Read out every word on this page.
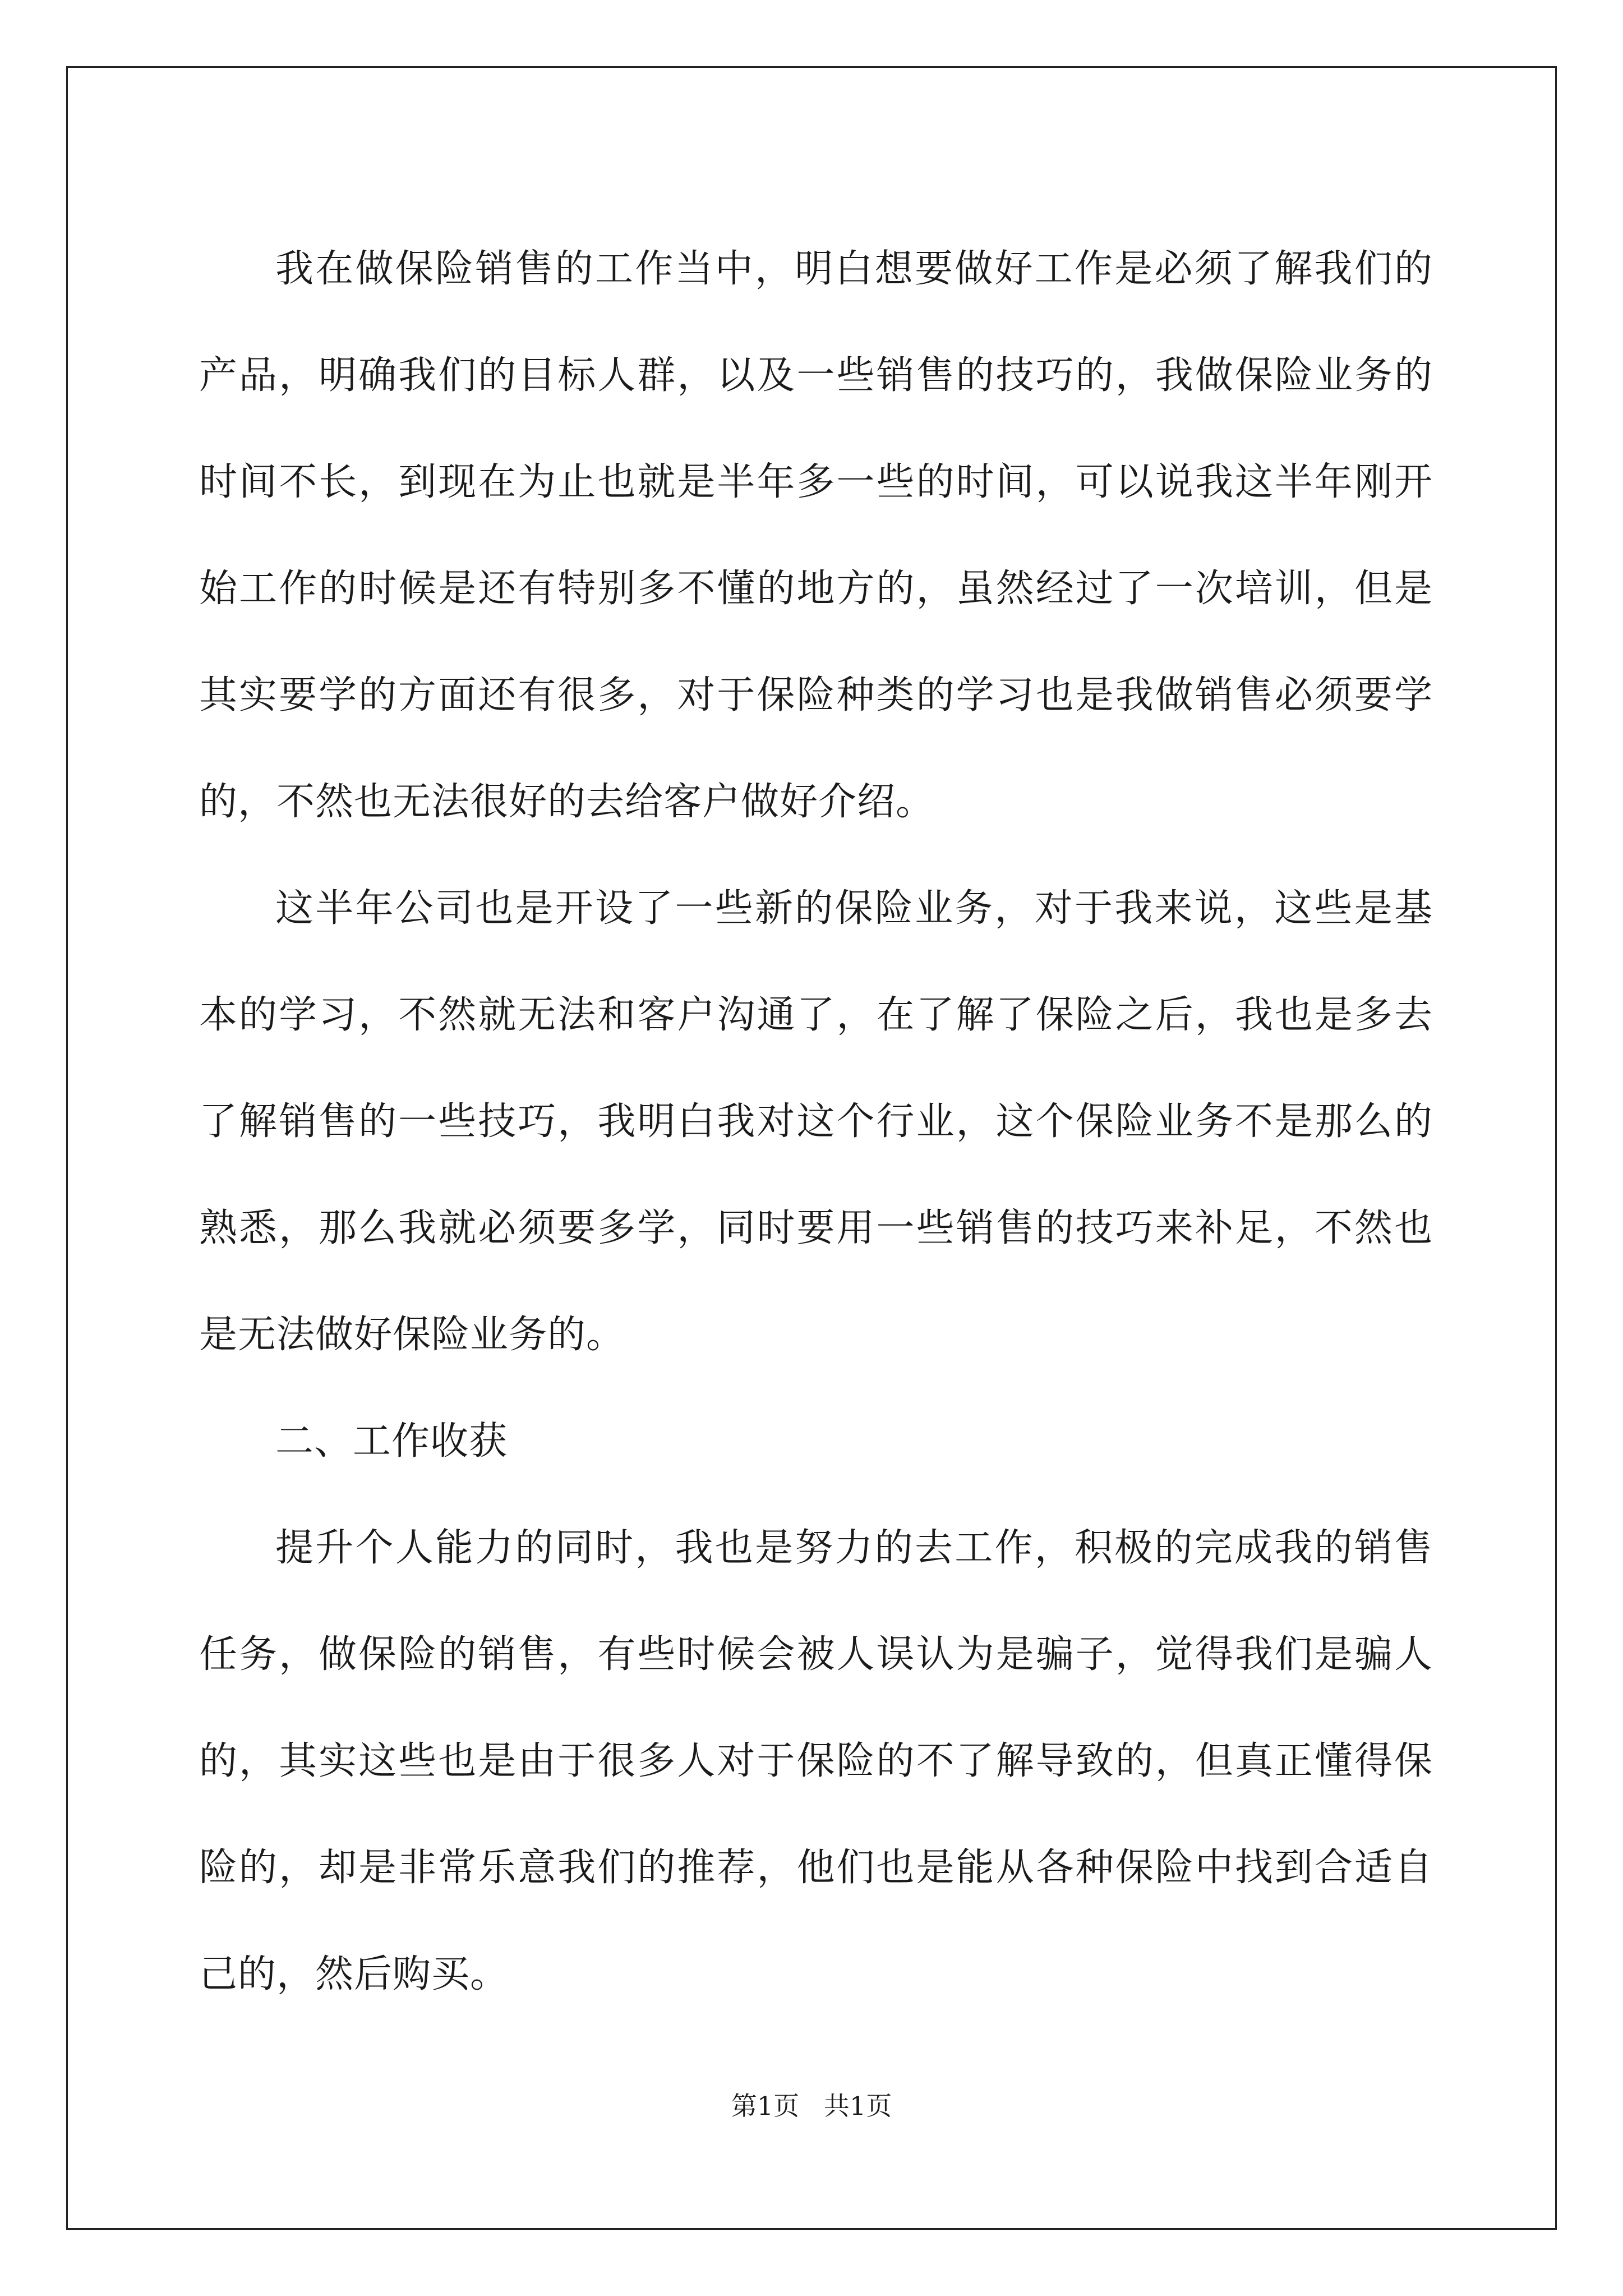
我在做保险销售的工作当中，明白想要做好工作是必须了解我们的产品，明确我们的目标人群，以及一些销售的技巧的，我做保险业务的时间不长，到现在为止也就是半年多一些的时间，可以说我这半年刚开始工作的时候是还有特别多不懂的地方的，虽然经过了一次培训，但是其实要学的方面还有很多，对于保险种类的学习也是我做销售必须要学的，不然也无法很好的去给客户做好介绍。

这半年公司也是开设了一些新的保险业务，对于我来说，这些是基本的学习，不然就无法和客户沟通了，在了解了保险之后，我也是多去了解销售的一些技巧，我明白我对这个行业，这个保险业务不是那么的熟悉，那么我就必须要多学，同时要用一些销售的技巧来补足，不然也是无法做好保险业务的。

二、工作收获

提升个人能力的同时，我也是努力的去工作，积极的完成我的销售任务，做保险的销售，有些时候会被人误认为是骗子，觉得我们是骗人的，其实这些也是由于很多人对于保险的不了解导致的，但真正懂得保险的，却是非常乐意我们的推荐，他们也是能从各种保险中找到合适自己的，然后购买。

第1页   共1页
